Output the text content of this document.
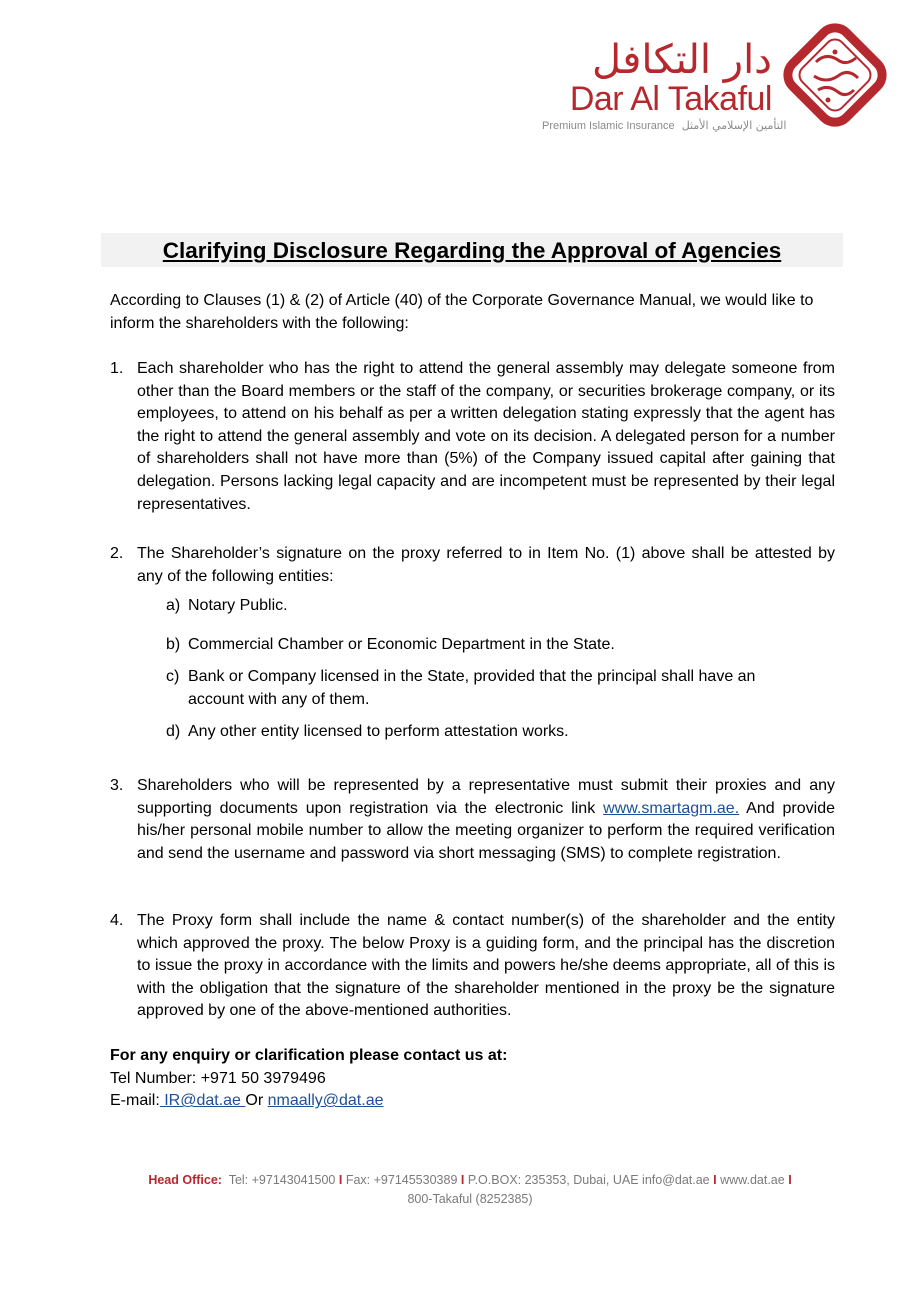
دار التكافل
Dar Al Takaful
Premium Islamic Insurance التأمين الإسلامي الأمثل
Clarifying Disclosure Regarding the Approval of Agencies

According to Clauses (1) & (2) of Article (40) of the Corporate Governance Manual, we would like to inform the shareholders with the following:

1. Each shareholder who has the right to attend the general assembly may delegate someone from other than the Board members or the staff of the company, or securities brokerage company, or its employees, to attend on his behalf as per a written delegation stating expressly that the agent has the right to attend the general assembly and vote on its decision. A delegated person for a number of shareholders shall not have more than (5%) of the Company issued capital after gaining that delegation. Persons lacking legal capacity and are incompetent must be represented by their legal representatives.
2. The Shareholder’s signature on the proxy referred to in Item No. (1) above shall be attested by any of the following entities:
a) Notary Public.
b) Commercial Chamber or Economic Department in the State.
c) Bank or Company licensed in the State, provided that the principal shall have an account with any of them.
d) Any other entity licensed to perform attestation works.
3. Shareholders who will be represented by a representative must submit their proxies and any supporting documents upon registration via the electronic link www.smartagm.ae. And provide his/her personal mobile number to allow the meeting organizer to perform the required verification and send the username and password via short messaging (SMS) to complete registration.
4. The Proxy form shall include the name & contact number(s) of the shareholder and the entity which approved the proxy. The below Proxy is a guiding form, and the principal has the discretion to issue the proxy in accordance with the limits and powers he/she deems appropriate, all of this is with the obligation that the signature of the shareholder mentioned in the proxy be the signature approved by one of the above-mentioned authorities.
For any enquiry or clarification please contact us at:
Tel Number: +971 50 3979496
E-mail: IR@dat.ae Or nmaally@dat.ae
Head Office: Tel: +97143041500 I Fax: +97145530389 I P.O.BOX: 235353, Dubai, UAE info@dat.ae I www.dat.ae I
800-Takaful (8252385)
